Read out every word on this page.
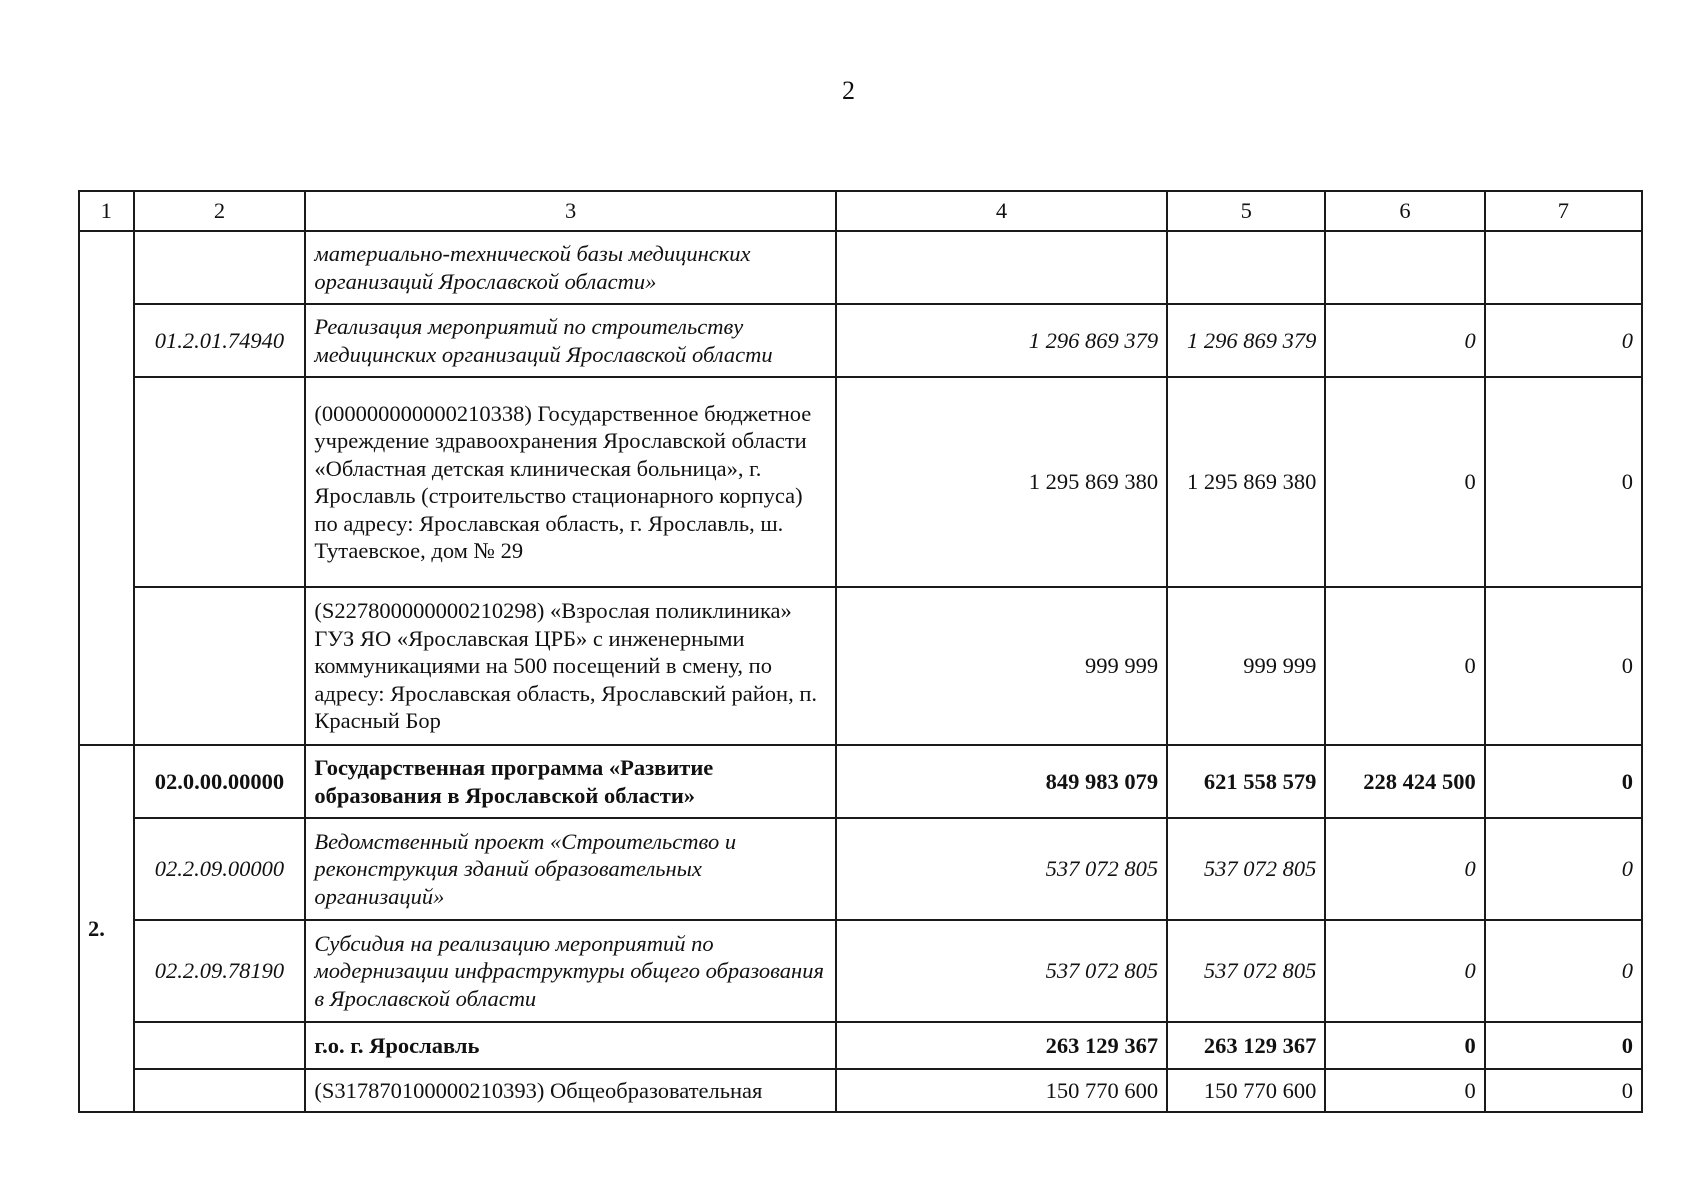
2
1	2	3	4	5	6	7
		материально-технической базы медицинских организаций Ярославской области»				
	01.2.01.74940	Реализация мероприятий по строительству медицинских организаций Ярославской области	1 296 869 379	1 296 869 379	0	0
		(000000000000210338) Государственное бюджетное учреждение здравоохранения Ярославской области «Областная детская клиническая больница», г. Ярославль (строительство стационарного корпуса) по адресу: Ярославская область, г. Ярославль, ш. Тутаевское, дом № 29	1 295 869 380	1 295 869 380	0	0
		(S227800000000210298) «Взрослая поликлиника» ГУЗ ЯО «Ярославская ЦРБ» с инженерными коммуникациями на 500 посещений в смену, по адресу: Ярославская область, Ярославский район, п. Красный Бор	999 999	999 999	0	0
2.	02.0.00.00000	Государственная программа «Развитие образования в Ярославской области»	849 983 079	621 558 579	228 424 500	0
	02.2.09.00000	Ведомственный проект «Строительство и реконструкция зданий образовательных организаций»	537 072 805	537 072 805	0	0
	02.2.09.78190	Субсидия на реализацию мероприятий по модернизации инфраструктуры общего образования в Ярославской области	537 072 805	537 072 805	0	0
		г.о. г. Ярославль	263 129 367	263 129 367	0	0
		(S317870100000210393) Общеобразовательная	150 770 600	150 770 600	0	0
